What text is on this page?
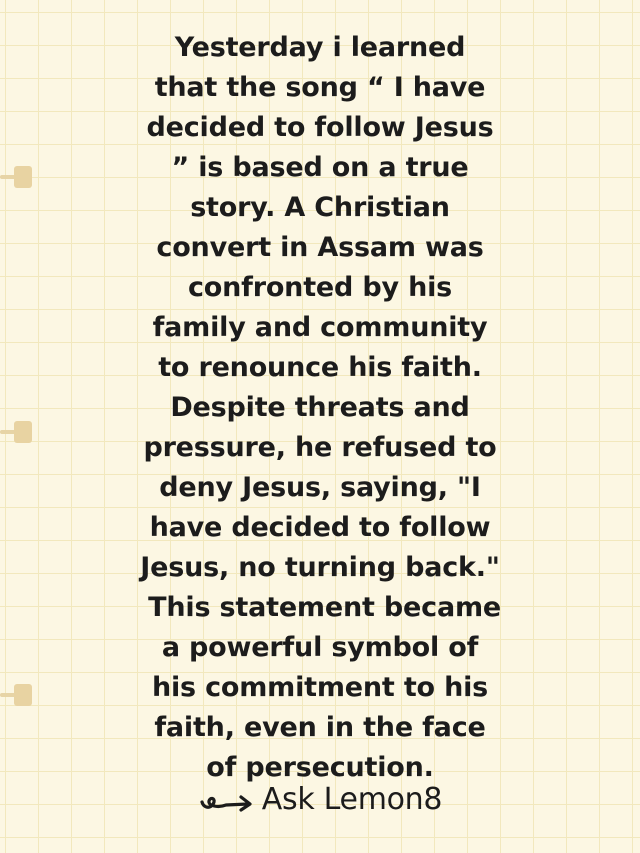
Yesterday i learned
that the song “ I have
decided to follow Jesus
” is based on a true
story. A Christian
convert in Assam was
confronted by his
family and community
to renounce his faith.
Despite threats and
pressure, he refused to
deny Jesus, saying, "I
have decided to follow
Jesus, no turning back."
This statement became
a powerful symbol of
his commitment to his
faith, even in the face
of persecution.

Ask Lemon8
